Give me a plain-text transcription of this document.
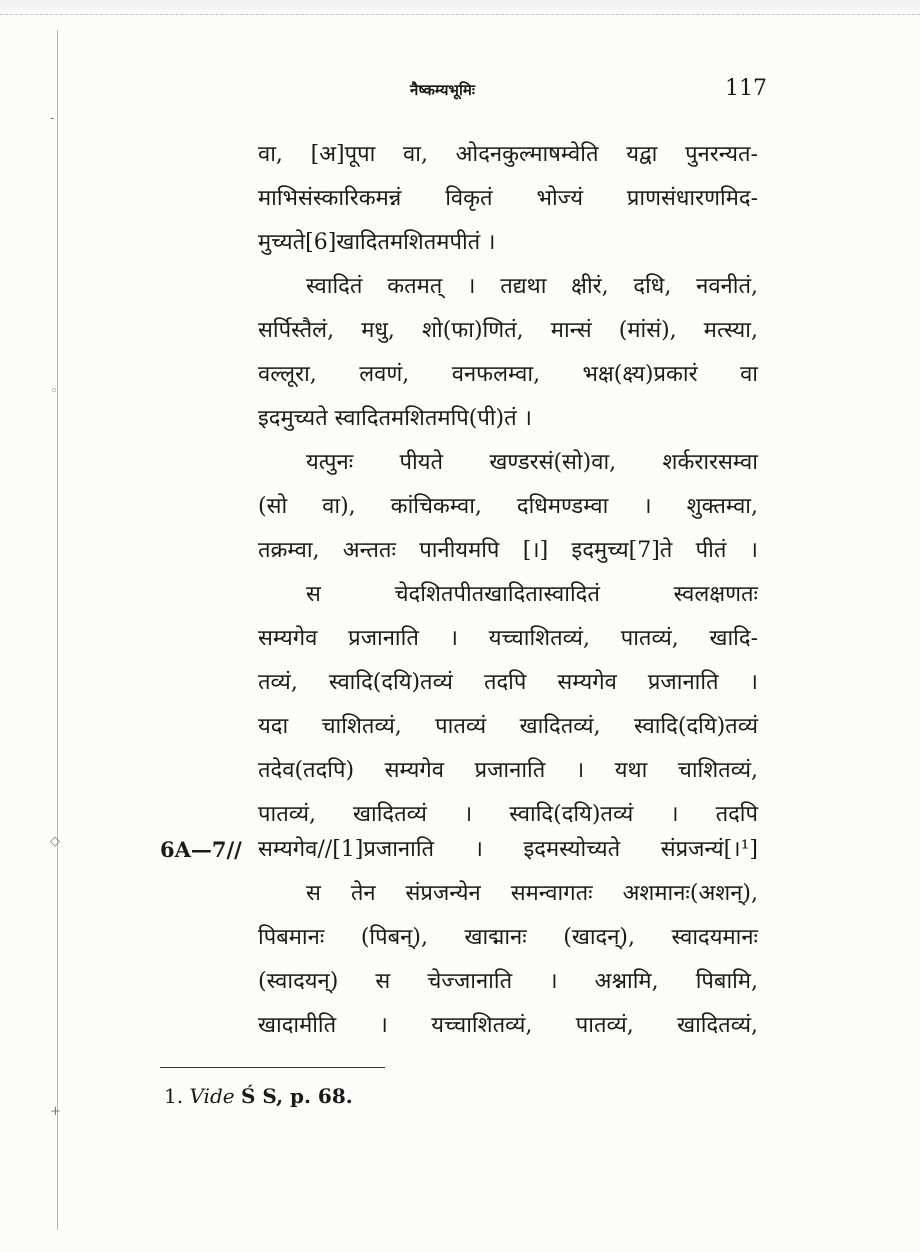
-
◦
◇
+
नैष्कम्यभूमिः	117
वा, [अ]पूपा वा, ओदनकुल्माषम्वेति यद्वा पुनरन्यत-
माभिसंस्कारिकमन्नं विकृतं भोज्यं प्राणसंधारणमिद-
मुच्यते[6]खादितमशितमपीतं ।
स्वादितं कतमत् । तद्यथा क्षीरं, दधि, नवनीतं,
सर्पिस्तैलं, मधु, शो(फा)णितं, मान्सं (मांसं), मत्स्या,
वल्लूरा, लवणं, वनफलम्वा, भक्ष(क्ष्य)प्रकारं वा
इदमुच्यते स्वादितमशितमपि(पी)तं ।
यत्पुनः पीयते खण्डरसं(सो)वा, शर्करारसम्वा
(सो वा), कांचिकम्वा, दधिमण्डम्वा । शुक्तम्वा,
तक्रम्वा, अन्ततः पानीयमपि [।] इदमुच्य[7]ते पीतं ।
स चेदशितपीतखादितास्वादितं स्वलक्षणतः
सम्यगेव प्रजानाति । यच्चाशितव्यं, पातव्यं, खादि-
तव्यं, स्वादि(दयि)तव्यं तदपि सम्यगेव प्रजानाति ।
यदा चाशितव्यं, पातव्यं खादितव्यं, स्वादि(दयि)तव्यं
तदेव(तदपि) सम्यगेव प्रजानाति । यथा चाशितव्यं,
पातव्यं, खादितव्यं । स्वादि(दयि)तव्यं । तदपि
6A—7// सम्यगेव//[1]प्रजानाति । इदमस्योच्यते संप्रजन्यं[।¹]
स तेन संप्रजन्येन समन्वागतः अशमानः(अशन्),
पिबमानः (पिबन्), खाद्मानः (खादन्), स्वादयमानः
(स्वादयन्) स चेज्जानाति । अश्नामि, पिबामि,
खादामीति । यच्चाशितव्यं, पातव्यं, खादितव्यं,
1. Vide Ś S, p. 68.
